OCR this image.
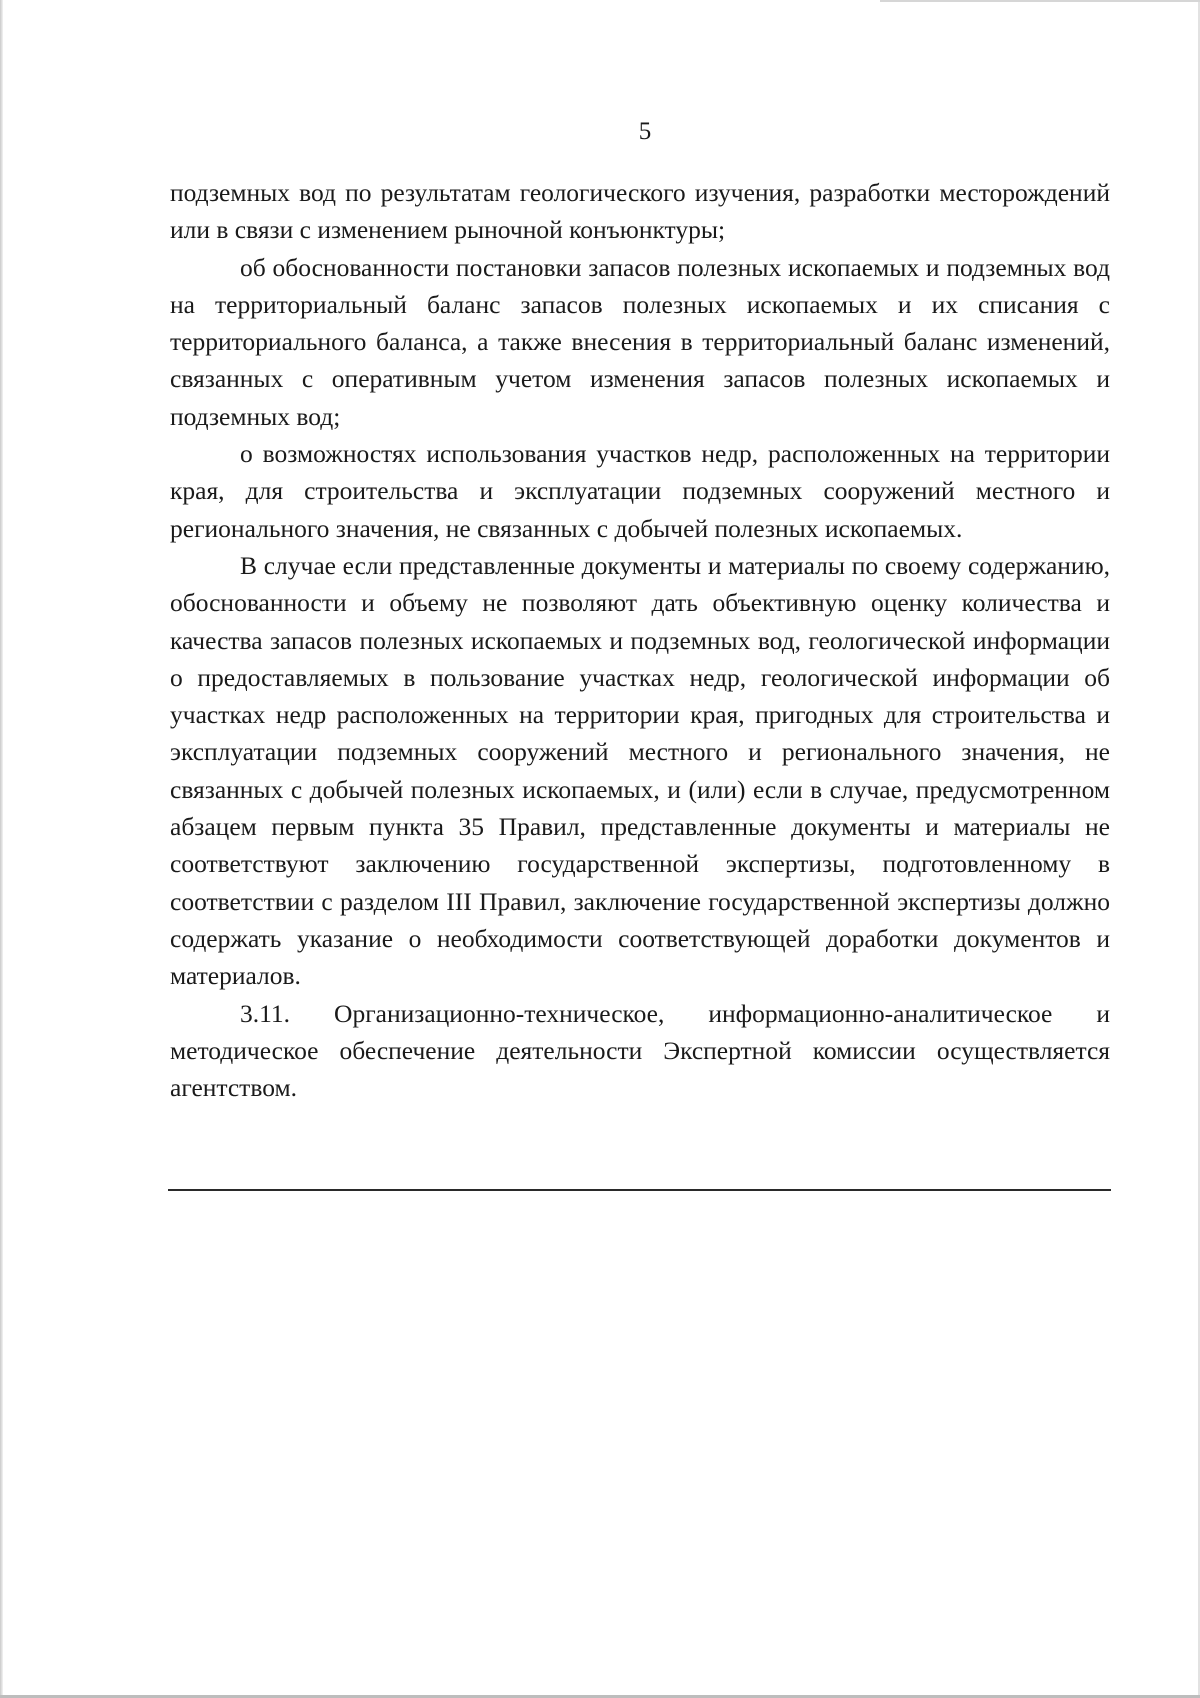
5

подземных вод по результатам геологического изучения, разработки месторождений или в связи с изменением рыночной конъюнктуры;

об обоснованности постановки запасов полезных ископаемых и подземных вод на территориальный баланс запасов полезных ископаемых и их списания с территориального баланса, а также внесения в территориальный баланс изменений, связанных с оперативным учетом изменения запасов полезных ископаемых и подземных вод;

о возможностях использования участков недр, расположенных на территории края, для строительства и эксплуатации подземных сооружений местного и регионального значения, не связанных с добычей полезных ископаемых.

В случае если представленные документы и материалы по своему содержанию, обоснованности и объему не позволяют дать объективную оценку количества и качества запасов полезных ископаемых и подземных вод, геологической информации о предоставляемых в пользование участках недр, геологической информации об участках недр расположенных на территории края, пригодных для строительства и эксплуатации подземных сооружений местного и регионального значения, не связанных с добычей полезных ископаемых, и (или) если в случае, предусмотренном абзацем первым пункта 35 Правил, представленные документы и материалы не соответствуют заключению государственной экспертизы, подготовленному в соответствии с разделом III Правил, заключение государственной экспертизы должно содержать указание о необходимости соответствующей доработки документов и материалов.

3.11. Организационно-техническое, информационно-аналитическое и методическое обеспечение деятельности Экспертной комиссии осуществляется агентством.
